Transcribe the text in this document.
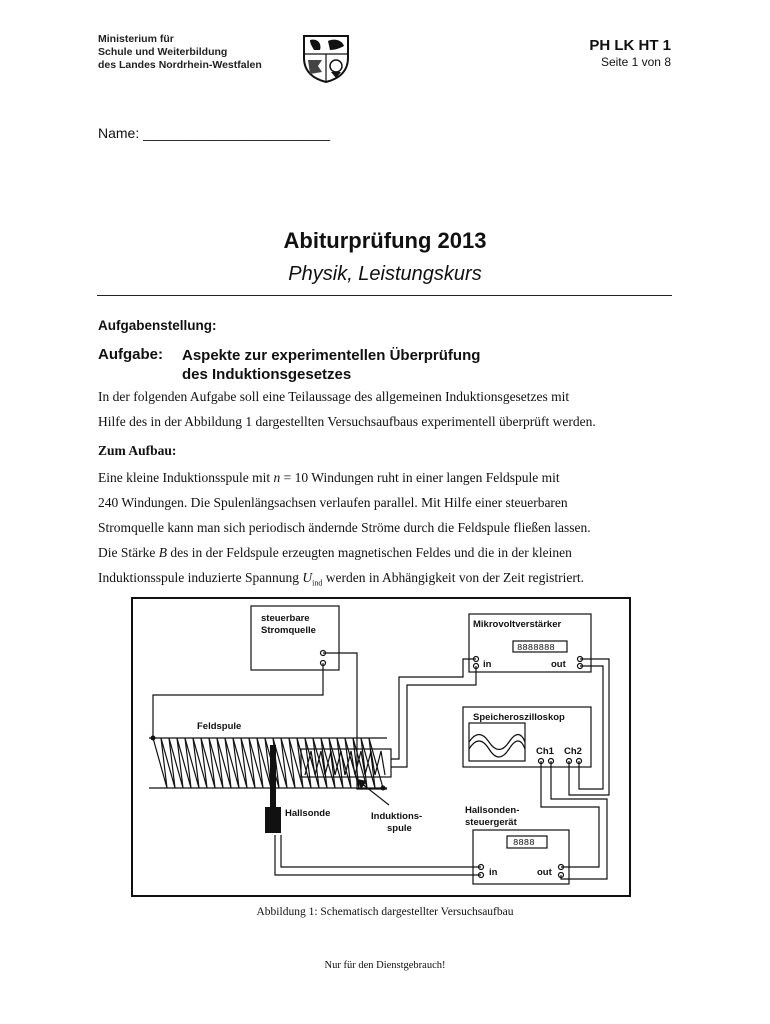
Ministerium für
Schule und Weiterbildung
des Landes Nordrhein-Westfalen
PH LK HT 1
Seite 1 von 8
Name: ________________________
Abiturprüfung 2013
Physik, Leistungskurs
Aufgabenstellung:
Aufgabe: Aspekte zur experimentellen Überprüfung
des Induktionsgesetzes

In der folgenden Aufgabe soll eine Teilaussage des allgemeinen Induktionsgesetzes mit

Hilfe des in der Abbildung 1 dargestellten Versuchsaufbaus experimentell überprüft werden.

Zum Aufbau:

Eine kleine Induktionsspule mit n = 10 Windungen ruht in einer langen Feldspule mit

240 Windungen. Die Spulenlängsachsen verlaufen parallel. Mit Hilfe einer steuerbaren

Stromquelle kann man sich periodisch ändernde Ströme durch die Feldspule fließen lassen.

Die Stärke B des in der Feldspule erzeugten magnetischen Feldes und die in der kleinen

Induktionsspule induzierte Spannung $U_{ind}$ werden in Abhängigkeit von der Zeit registriert.

steuerbare
Stromquelle
Mikrovoltverstärker
8888888
in	out
Speicheroszilloskop
Ch1 Ch2
Feldspule
Hallsonde	Induktions-
spule
Hallsonden-
steuergerät
8888
in	out
Abbildung 1: Schematisch dargestellter Versuchsaufbau
Nur für den Dienstgebrauch!
